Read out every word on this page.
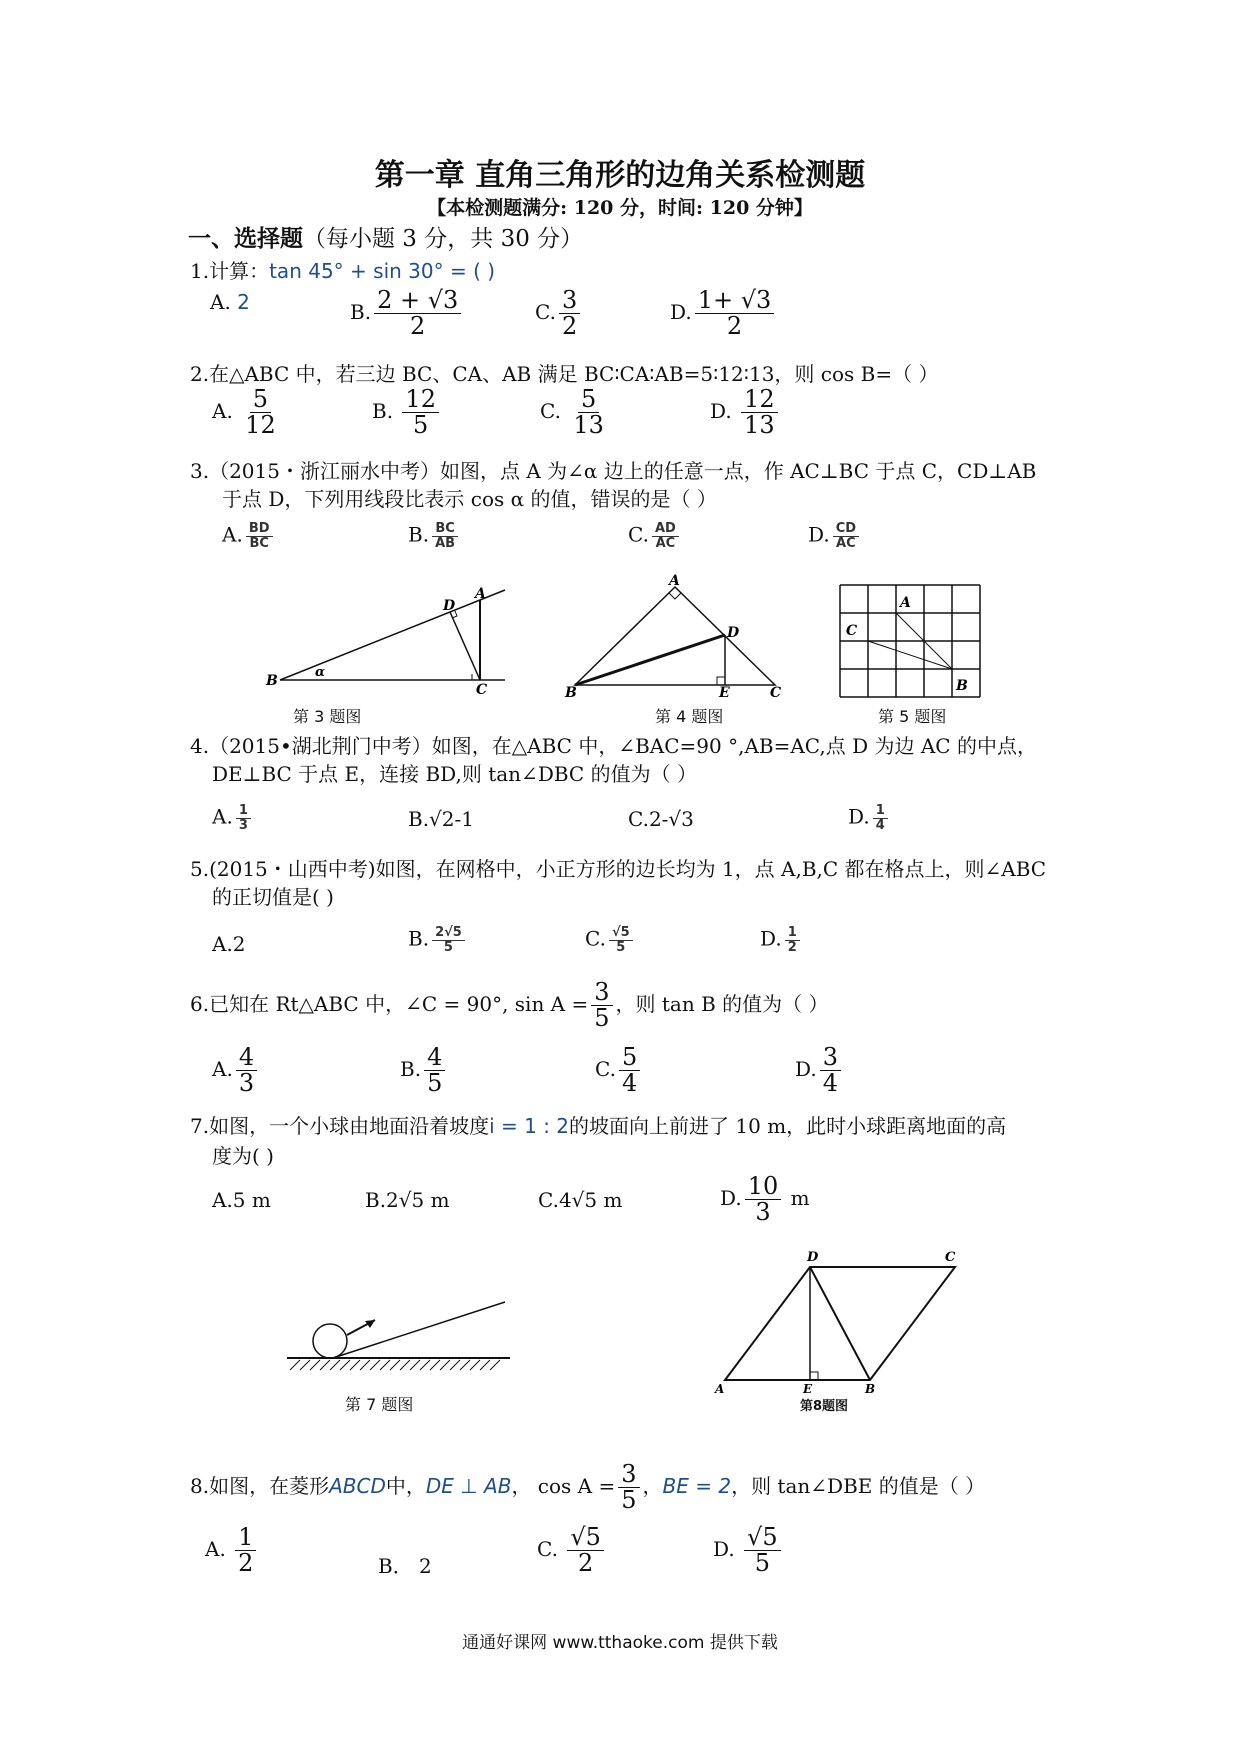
第一章 直角三角形的边角关系检测题
【本检测题满分: 120 分，时间: 120 分钟】
一、选择题（每小题 3 分，共 30 分）
1.计算：tan 45° + sin 30° = ( )
A. 2	B. $\frac{2 + √3}{2}$	C. $\frac{3}{2}$	D. $\frac{1+ √3}{2}$
2.在△ABC 中，若三边 BC、CA、AB 满足 BC∶CA∶AB=5∶12∶13，则 cos B=（ ）
A. $\frac{5}{12}$	B. $\frac{12}{5}$	C. $\frac{5}{13}$	D. $\frac{12}{13}$
3.（2015・浙江丽水中考）如图，点 A 为∠α 边上的任意一点，作 AC⊥BC 于点 C，CD⊥AB
于点 D，下列用线段比表示 cos α 的值，错误的是（ ）
A. $\frac{BD}{BC}$	B. $\frac{BC}{AB}$	C. $\frac{AD}{AC}$	D. $\frac{CD}{AC}$
B
α
A
D
C
第 3 题图
A
D
B	E	C
第 4 题图
A
C
B
第 5 题图
4.（2015•湖北荆门中考）如图，在△ABC 中，∠BAC=90 °,AB=AC,点 D 为边 AC 的中点，
DE⊥BC 于点 E，连接 BD,则 tan∠DBC 的值为（ ）
A. $\frac{1}{3}$	B.√2-1	C.2-√3	D. $\frac{1}{4}$
5.(2015・山西中考)如图，在网格中，小正方形的边长均为 1，点 A,B,C 都在格点上，则∠ABC
的正切值是( )
A.2	B. $\frac{2√5}{5}$	C. $\frac{√5}{5}$	D. $\frac{1}{2}$
6.已知在 Rt△ABC 中，∠C = 90°, $\sin A = \frac{3}{5}$ ，则 tan B 的值为（ ）
A. $\frac{4}{3}$	B. $\frac{4}{5}$	C. $\frac{5}{4}$	D. $\frac{3}{4}$
7.如图，一个小球由地面沿着坡度i = 1 : 2的坡面向上前进了 10 m，此时小球距离地面的高
度为( )
A.5 m	B.2√5 m	C.4√5 m	D. $\frac{10}{3}$ m
第 7 题图
D	C
A	E	B
第8题图
8.如图，在菱形ABCD中，DE ⊥ AB， $\cos A = \frac{3}{5}$ ，BE = 2，则 tan∠DBE 的值是（ ）
A. $\frac{1}{2}$	B． 2
C. $\frac{√5}{2}$	D. $\frac{√5}{5}$
通通好课网 www.tthaoke.com 提供下载
